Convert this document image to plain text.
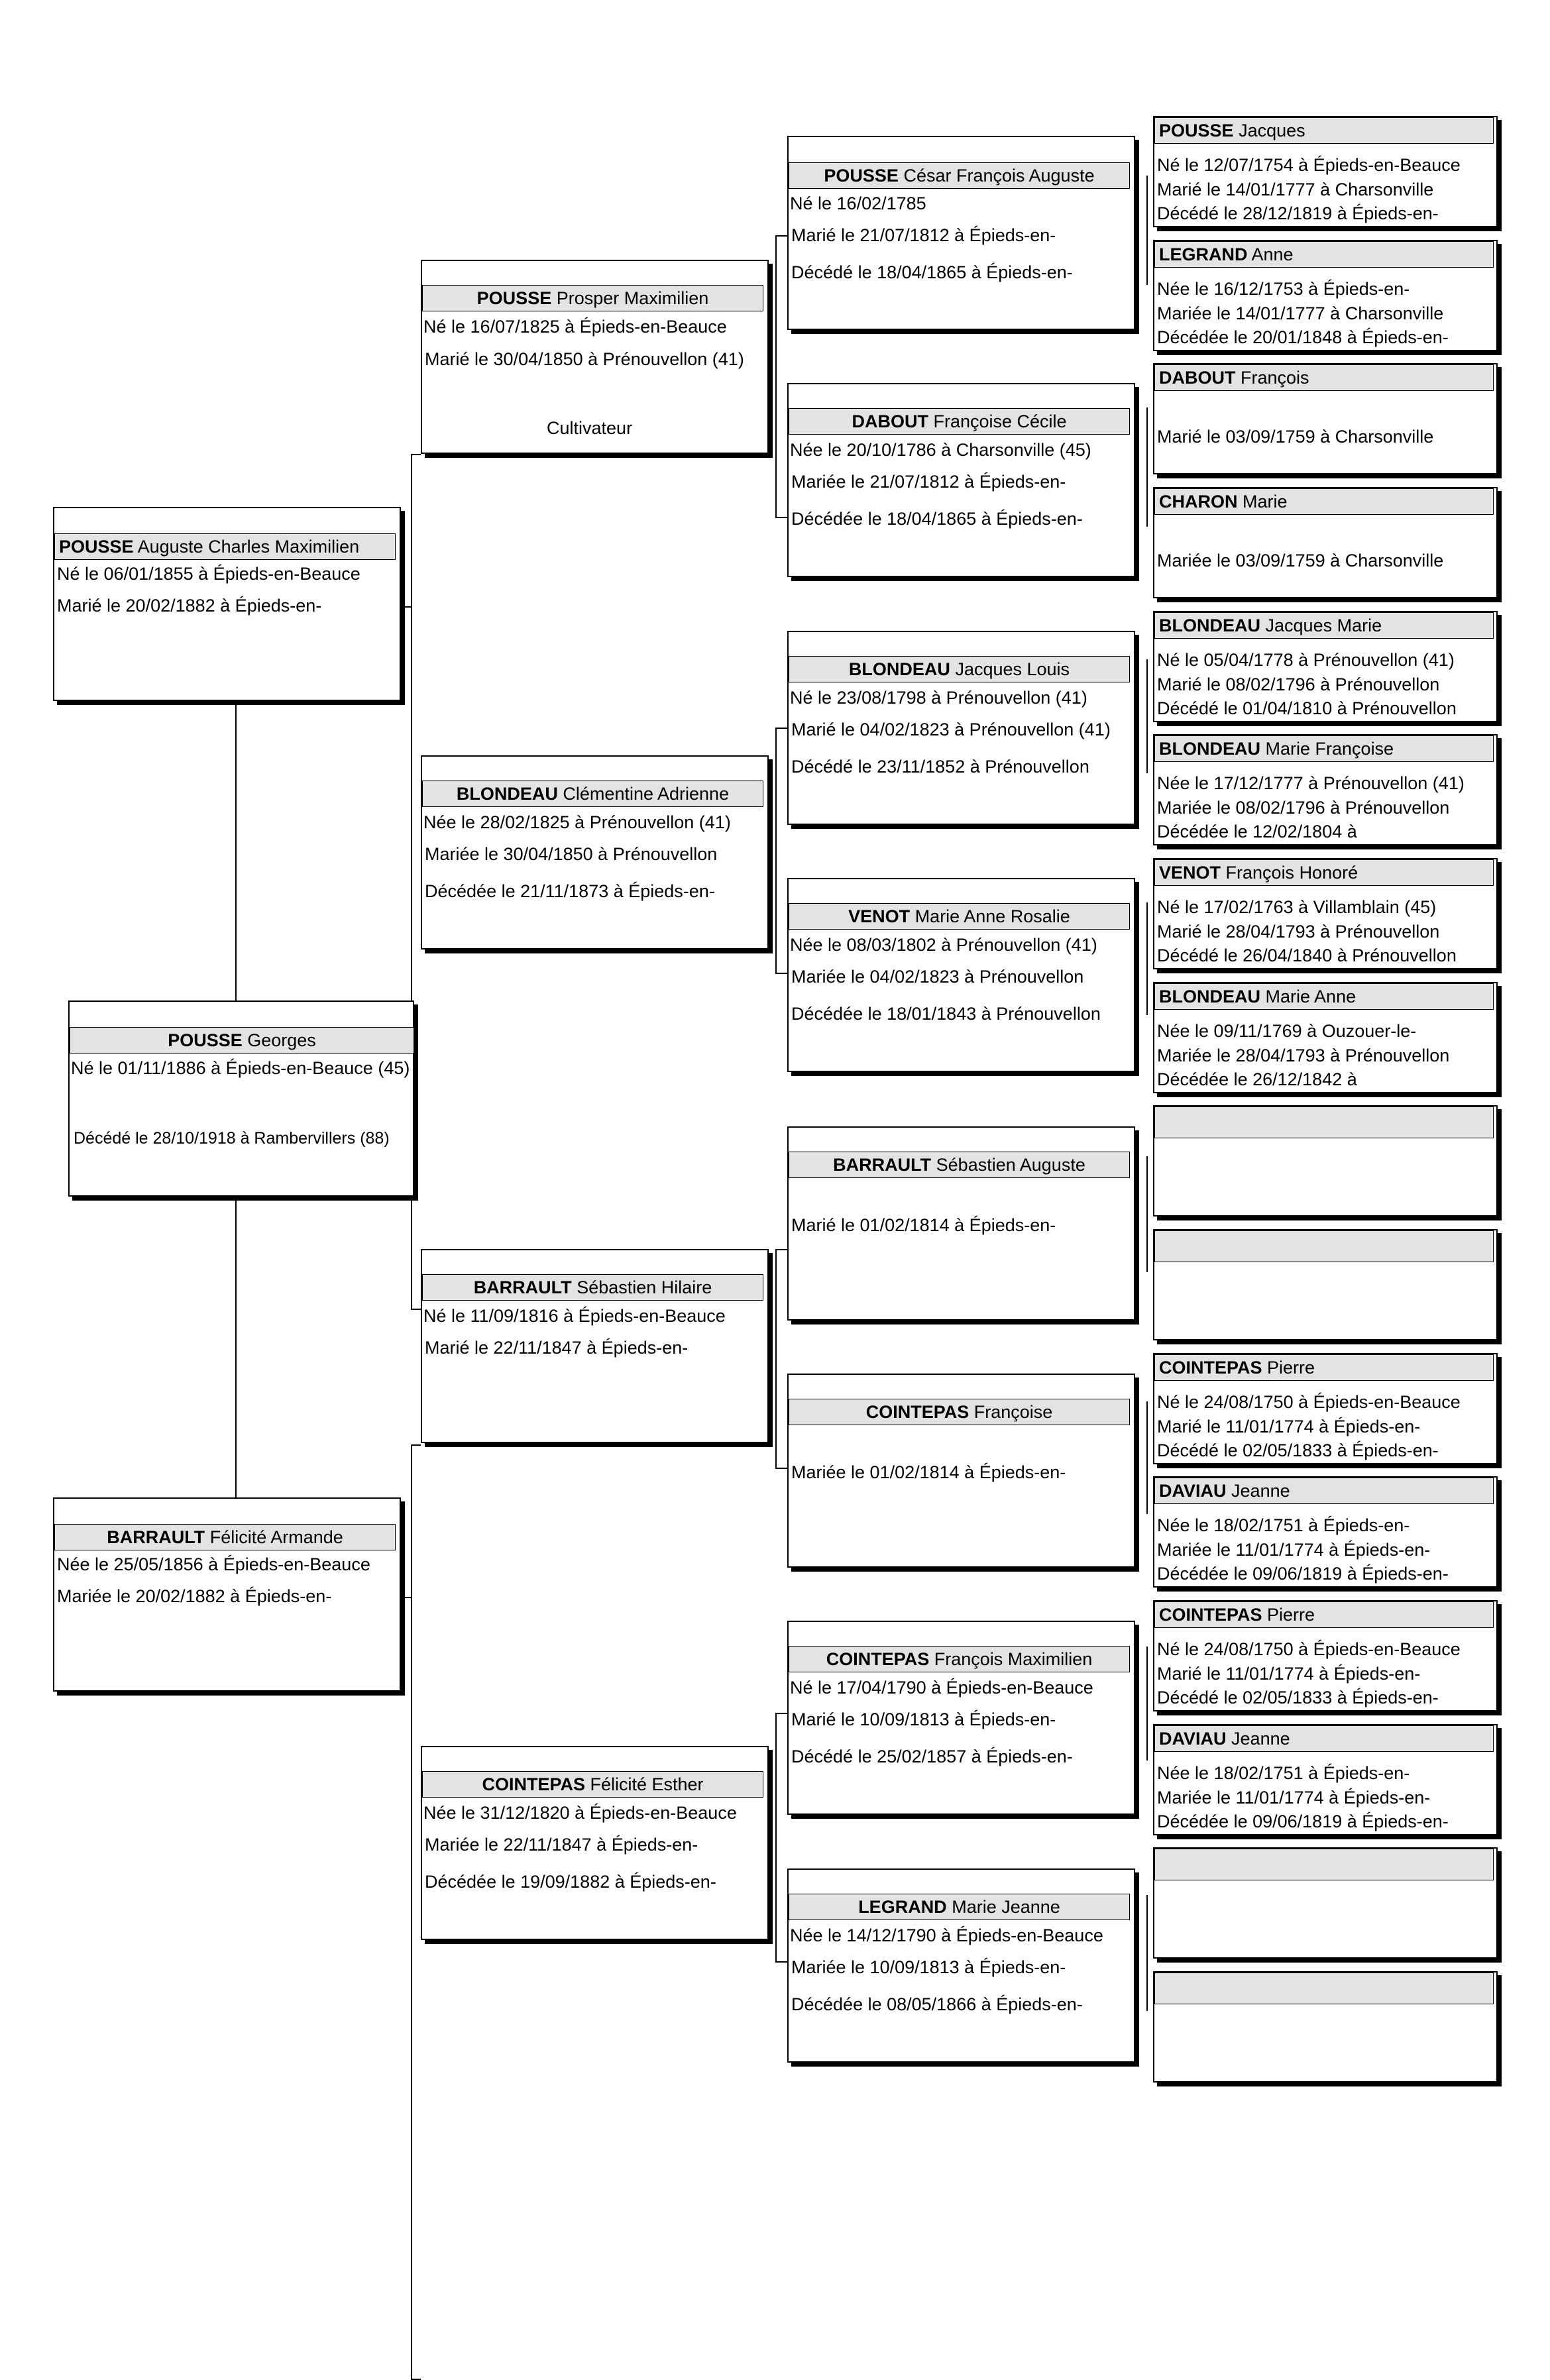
POUSSE Georges
Né le 01/11/1886 à Épieds-en-Beauce (45)
Décédé le 28/10/1918 à Rambervillers (88)
POUSSE Auguste Charles Maximilien
Né le 06/01/1855 à Épieds-en-Beauce
Marié le 20/02/1882 à Épieds-en-
BARRAULT Félicité Armande
Née le 25/05/1856 à Épieds-en-Beauce
Mariée le 20/02/1882 à Épieds-en-
POUSSE Prosper Maximilien
Né le 16/07/1825 à Épieds-en-Beauce
Marié le 30/04/1850 à Prénouvellon (41)
Cultivateur
BLONDEAU Clémentine Adrienne
Née le 28/02/1825 à Prénouvellon (41)
Mariée le 30/04/1850 à Prénouvellon
Décédée le 21/11/1873 à Épieds-en-
BARRAULT Sébastien Hilaire
Né le 11/09/1816 à Épieds-en-Beauce
Marié le 22/11/1847 à Épieds-en-
COINTEPAS Félicité Esther
Née le 31/12/1820 à Épieds-en-Beauce
Mariée le 22/11/1847 à Épieds-en-
Décédée le 19/09/1882 à Épieds-en-
POUSSE César François Auguste
Né le 16/02/1785
Marié le 21/07/1812 à Épieds-en-
Décédé le 18/04/1865 à Épieds-en-
DABOUT Françoise Cécile
Née le 20/10/1786 à Charsonville (45)
Mariée le 21/07/1812 à Épieds-en-
Décédée le 18/04/1865 à Épieds-en-
BLONDEAU Jacques Louis
Né le 23/08/1798 à Prénouvellon (41)
Marié le 04/02/1823 à Prénouvellon (41)
Décédé le 23/11/1852 à Prénouvellon
VENOT Marie Anne Rosalie
Née le 08/03/1802 à Prénouvellon (41)
Mariée le 04/02/1823 à Prénouvellon
Décédée le 18/01/1843 à Prénouvellon
BARRAULT Sébastien Auguste
Marié le 01/02/1814 à Épieds-en-
COINTEPAS Françoise
Mariée le 01/02/1814 à Épieds-en-
COINTEPAS François Maximilien
Né le 17/04/1790 à Épieds-en-Beauce
Marié le 10/09/1813 à Épieds-en-
Décédé le 25/02/1857 à Épieds-en-
LEGRAND Marie Jeanne
Née le 14/12/1790 à Épieds-en-Beauce
Mariée le 10/09/1813 à Épieds-en-
Décédée le 08/05/1866 à Épieds-en-
POUSSE Jacques
Né le 12/07/1754 à Épieds-en-Beauce
Marié le 14/01/1777 à Charsonville
Décédé le 28/12/1819 à Épieds-en-
LEGRAND Anne
Née le 16/12/1753 à Épieds-en-
Mariée le 14/01/1777 à Charsonville
Décédée le 20/01/1848 à Épieds-en-
DABOUT François
Marié le 03/09/1759 à Charsonville
CHARON Marie
Mariée le 03/09/1759 à Charsonville
BLONDEAU Jacques Marie
Né le 05/04/1778 à Prénouvellon (41)
Marié le 08/02/1796 à Prénouvellon
Décédé le 01/04/1810 à Prénouvellon
BLONDEAU Marie Françoise
Née le 17/12/1777 à Prénouvellon (41)
Mariée le 08/02/1796 à Prénouvellon
Décédée le 12/02/1804 à
VENOT François Honoré
Né le 17/02/1763 à Villamblain (45)
Marié le 28/04/1793 à Prénouvellon
Décédé le 26/04/1840 à Prénouvellon
BLONDEAU Marie Anne
Née le 09/11/1769 à Ouzouer-le-
Mariée le 28/04/1793 à Prénouvellon
Décédée le 26/12/1842 à
COINTEPAS Pierre
Né le 24/08/1750 à Épieds-en-Beauce
Marié le 11/01/1774 à Épieds-en-
Décédé le 02/05/1833 à Épieds-en-
DAVIAU Jeanne
Née le 18/02/1751 à Épieds-en-
Mariée le 11/01/1774 à Épieds-en-
Décédée le 09/06/1819 à Épieds-en-
COINTEPAS Pierre
Né le 24/08/1750 à Épieds-en-Beauce
Marié le 11/01/1774 à Épieds-en-
Décédé le 02/05/1833 à Épieds-en-
DAVIAU Jeanne
Née le 18/02/1751 à Épieds-en-
Mariée le 11/01/1774 à Épieds-en-
Décédée le 09/06/1819 à Épieds-en-
